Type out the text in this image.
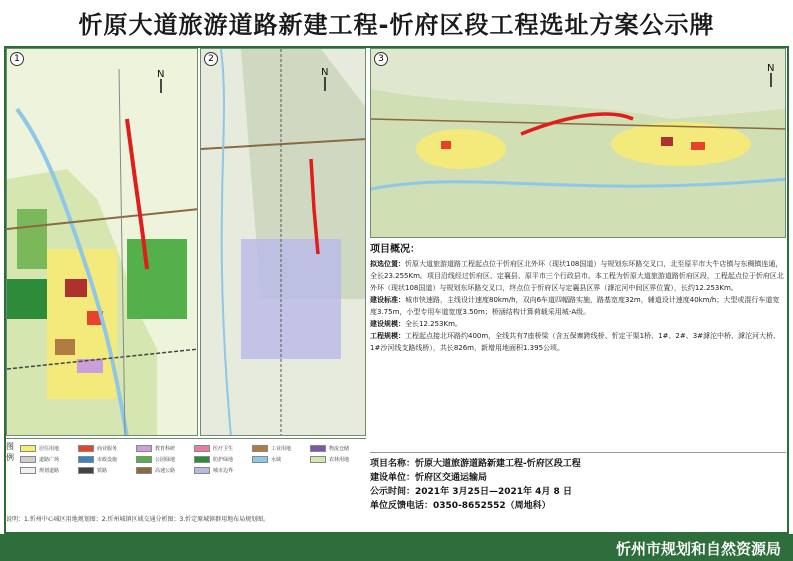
忻原大道旅游道路新建工程-忻府区段工程选址方案公示牌
1
N
2
N
3
N
图 例
居住用地	商业服务	教育科研	医疗卫生	工业用地	物流仓储
道路广场	市政设施	公园绿地	防护绿地	水域	农林用地
规划道路	铁路	高速公路	城市边界
说明：1.忻州中心城区用地规划图；2.忻州城镇区域交通分析图；3.忻定原城镇群用地布局规划图。
项目概况：
拟选位置：忻原大道旅游道路工程起点位于忻府区北外环（现状108国道）与规划东环路交叉口，北至原平市大牛店镇与东稠镇连通，全长23.255Km。项目沿线经过忻府区、定襄县、原平市三个行政县市。本工程为忻原大道旅游道路忻府区段，工程起点位于忻府区北外环（现状108国道）与规划东环路交叉口，终点位于忻府区与定襄县区界（滹沱河中间区界位置），长约12.253Km。
建设标准：城市快速路，主线设计速度80km/h，双向6车道四幅路实施，路基宽度32m，辅道设计速度40km/h；大型或混行车道宽度3.75m，小型专用车道宽度3.50m；桥涵结构计算荷载采用城-A级。
建设规模：全长12.253Km。
工程规模：工程起点接北环路约400m，全线共有7座桥梁（含五保寨跨线桥、忻定干渠1桥、1#、2#、3#滹沱中桥、滹沱河大桥、1#沙河线支路线桥），共长826m，新增用地面积1.395公顷。
项目名称：忻原大道旅游道路新建工程-忻府区段工程
建设单位：忻府区交通运输局
公示时间：2021年 3月25日—2021年 4月 8 日
单位反馈电话：0350-8652552（周地科）
忻州市规划和自然资源局
